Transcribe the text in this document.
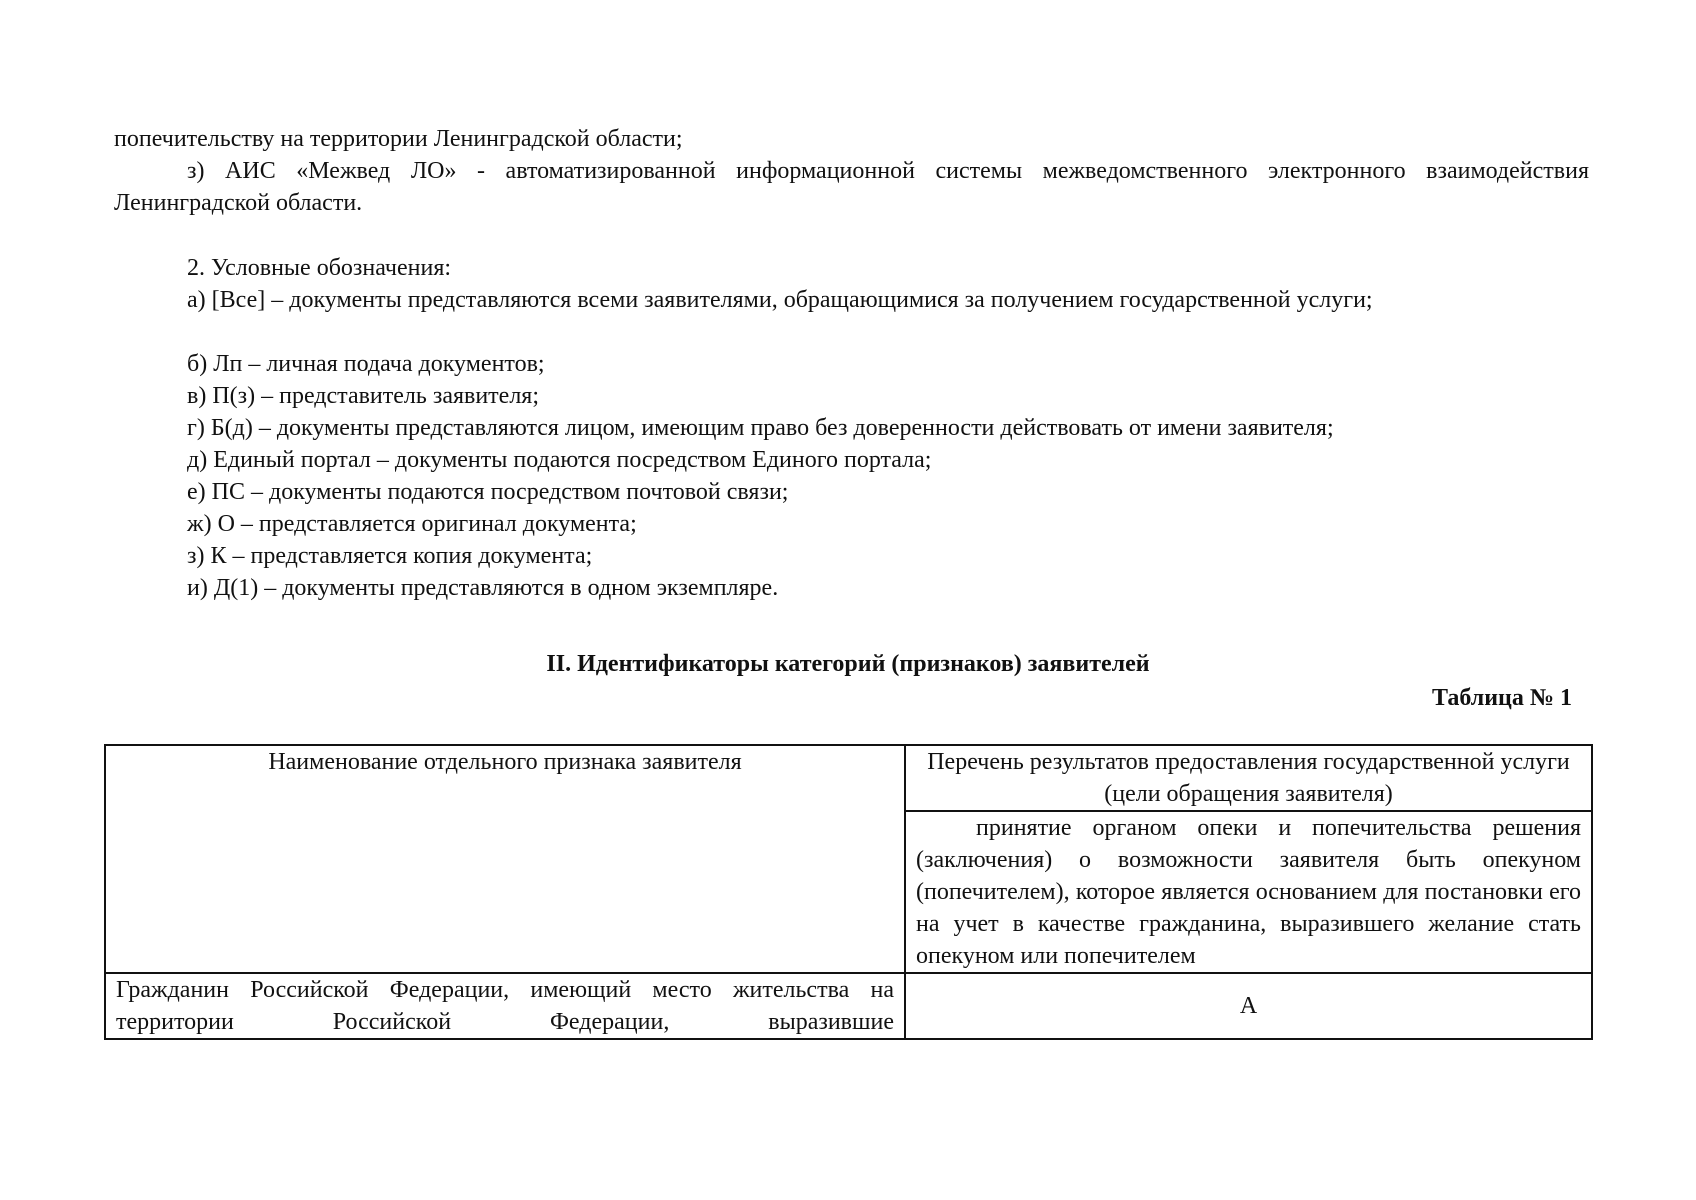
попечительству на территории Ленинградской области;

з) АИС «Межвед ЛО» - автоматизированной информационной системы межведомственного электронного взаимодействия Ленинградской области.

2. Условные обозначения:

а) [Все] – документы представляются всеми заявителями, обращающимися за получением государственной услуги;

б) Лп – личная подача документов;

в) П(з) – представитель заявителя;

г) Б(д) – документы представляются лицом, имеющим право без доверенности действовать от имени заявителя;

д) Единый портал – документы подаются посредством Единого портала;

е) ПС – документы подаются посредством почтовой связи;

ж) О – представляется оригинал документа;

з) К – представляется копия документа;

и) Д(1) – документы представляются в одном экземпляре.

II. Идентификаторы категорий (признаков) заявителей

Таблица № 1

Наименование отдельного признака заявителя	Перечень результатов предоставления государственной услуги (цели обращения заявителя)
	принятие органом опеки и попечительства решения (заключения) о возможности заявителя быть опекуном (попечителем), которое является основанием для постановки его на учет в качестве гражданина, выразившего желание стать опекуном или попечителем
Гражданин Российской Федерации, имеющий место жительства на территории Российской Федерации, выразившие	А
